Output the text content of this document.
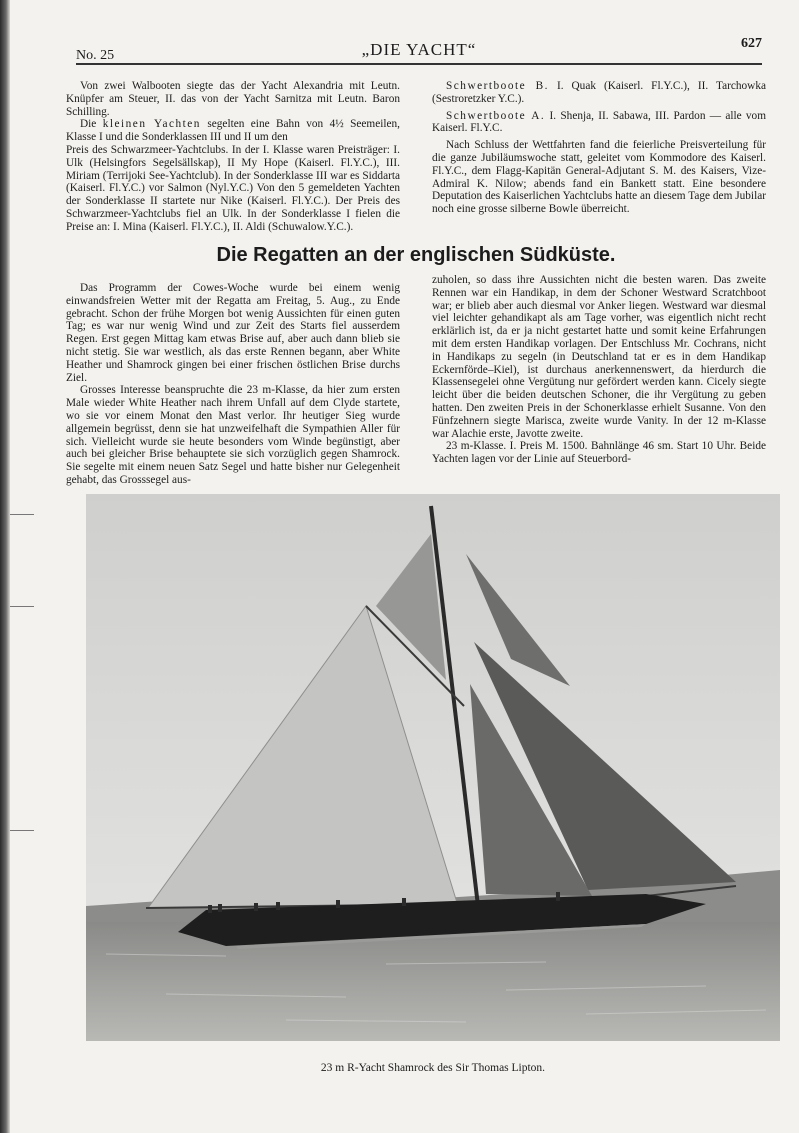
No. 25	„DIE YACHT“	627

Von zwei Walbooten siegte das der Yacht Alexandria mit Leutn. Knüpfer am Steuer, II. das von der Yacht Sarnitza mit Leutn. Baron Schilling.

Die kleinen Yachten segelten eine Bahn von 4½ Seemeilen, Klasse I und die Sonderklassen III und II um den

Preis des Schwarzmeer-Yachtclubs. In der I. Klasse waren Preisträger: I. Ulk (Helsingfors Segelsällskap), II My Hope (Kaiserl. Fl.Y.C.), III. Miriam (Terrijoki See-Yachtclub). In der Sonderklasse III war es Siddarta (Kaiserl. Fl.Y.C.) vor Salmon (Nyl.Y.C.) Von den 5 gemeldeten Yachten der Sonderklasse II startete nur Nike (Kaiserl. Fl.Y.C.). Der Preis des Schwarzmeer-Yachtclubs fiel an Ulk. In der Sonderklasse I fielen die Preise an: I. Mina (Kaiserl. Fl.Y.C.), II. Aldi (Schuwalow.Y.C.).

Schwertboote B. I. Quak (Kaiserl. Fl.Y.C.), II. Tarchowka (Sestroretzker Y.C.).

Schwertboote A. I. Shenja, II. Sabawa, III. Pardon — alle vom Kaiserl. Fl.Y.C.

Nach Schluss der Wettfahrten fand die feierliche Preisverteilung für die ganze Jubiläumswoche statt, geleitet vom Kommodore des Kaiserl. Fl.Y.C., dem Flagg-Kapitän General-Adjutant S. M. des Kaisers, Vize-Admiral K. Nilow; abends fand ein Bankett statt. Eine besondere Deputation des Kaiserlichen Yachtclubs hatte an diesem Tage dem Jubilar noch eine grosse silberne Bowle überreicht.

Die Regatten an der englischen Südküste.

Das Programm der Cowes-Woche wurde bei einem wenig einwandsfreien Wetter mit der Regatta am Freitag, 5. Aug., zu Ende gebracht. Schon der frühe Morgen bot wenig Aussichten für einen guten Tag; es war nur wenig Wind und zur Zeit des Starts fiel ausserdem Regen. Erst gegen Mittag kam etwas Brise auf, aber auch dann blieb sie nicht stetig. Sie war westlich, als das erste Rennen begann, aber White Heather und Shamrock gingen bei einer frischen östlichen Brise durchs Ziel.

Grosses Interesse beanspruchte die 23 m-Klasse, da hier zum ersten Male wieder White Heather nach ihrem Unfall auf dem Clyde startete, wo sie vor einem Monat den Mast verlor. Ihr heutiger Sieg wurde allgemein begrüsst, denn sie hat unzweifelhaft die Sympathien Aller für sich. Vielleicht wurde sie heute besonders vom Winde begünstigt, aber auch bei gleicher Brise behauptete sie sich vorzüglich gegen Shamrock. Sie segelte mit einem neuen Satz Segel und hatte bisher nur Gelegenheit gehabt, das Grosssegel aus-

zuholen, so dass ihre Aussichten nicht die besten waren. Das zweite Rennen war ein Handikap, in dem der Schoner Westward Scratchboot war; er blieb aber auch diesmal vor Anker liegen. Westward war diesmal viel leichter gehandikapt als am Tage vorher, was eigentlich nicht recht erklärlich ist, da er ja nicht gestartet hatte und somit keine Erfahrungen mit dem ersten Handikap vorlagen. Der Entschluss Mr. Cochrans, nicht in Handikaps zu segeln (in Deutschland tat er es in dem Handikap Eckernförde–Kiel), ist durchaus anerkennenswert, da hierdurch die Klassensegelei ohne Vergütung nur gefördert werden kann. Cicely siegte leicht über die beiden deutschen Schoner, die ihr Vergütung zu geben hatten. Den zweiten Preis in der Schonerklasse erhielt Susanne. Von den Fünfzehnern siegte Marisca, zweite wurde Vanity. In der 12 m-Klasse war Alachie erste, Javotte zweite.

23 m-Klasse. I. Preis M. 1500. Bahnlänge 46 sm. Start 10 Uhr. Beide Yachten lagen vor der Linie auf Steuerbord-

23 m R-Yacht Shamrock des Sir Thomas Lipton.
